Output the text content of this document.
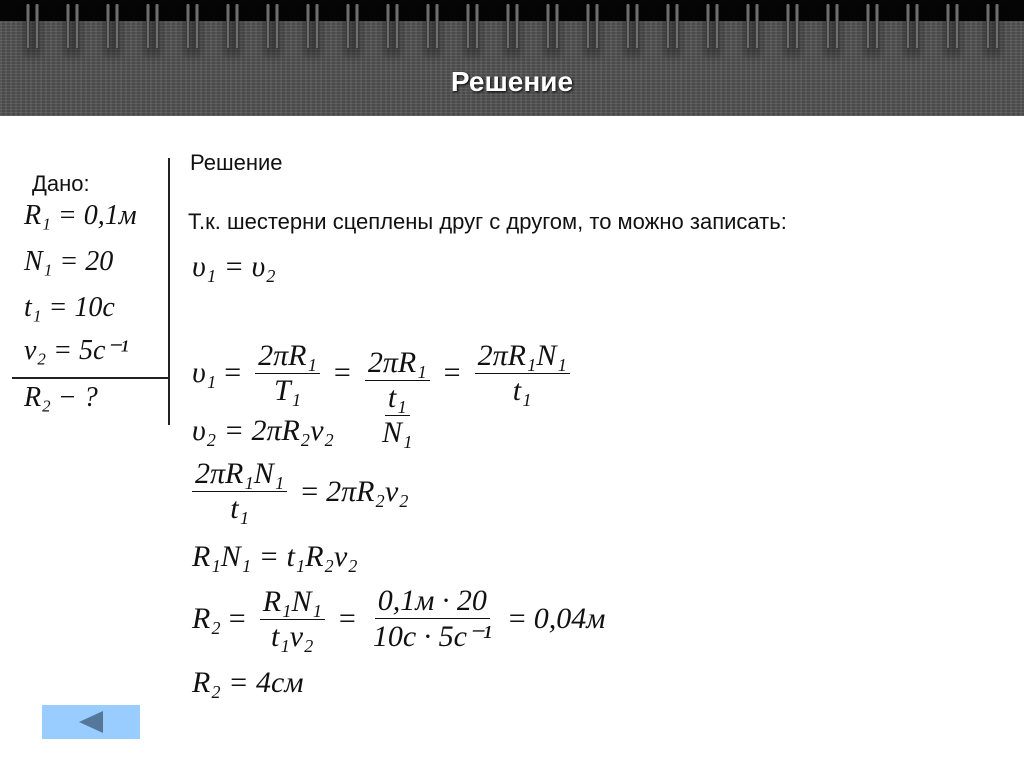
Решение
Решение
Дано:
R₁ = 0,1м
N₁ = 20
t₁ = 10с
ν₂ = 5с⁻¹
R₂ − ?
Т.к. шестерни сцеплены друг с другом, то можно записать:
υ₁ = υ₂
$\upsilon_1 = \frac{\text{2πR₁}}{\text{T₁}} = \frac{\text{2πR₁}}{\frac{\text{t₁}}{\text{N₁}}} = \frac{\text{2πR₁N₁}}{\text{t₁}}$
υ₂ = 2πR₂ν₂
$\frac{\text{2πR₁N₁}}{\text{t₁}} = 2\pi R_2\nu_2$
R₁N₁ = t₁R₂ν₂
$R_2 = \frac{\text{R₁N₁}}{\text{t₁ν₂}}$ =
0,1м · 20
10с · 5с⁻¹
= 0,04м
R₂ = 4см
